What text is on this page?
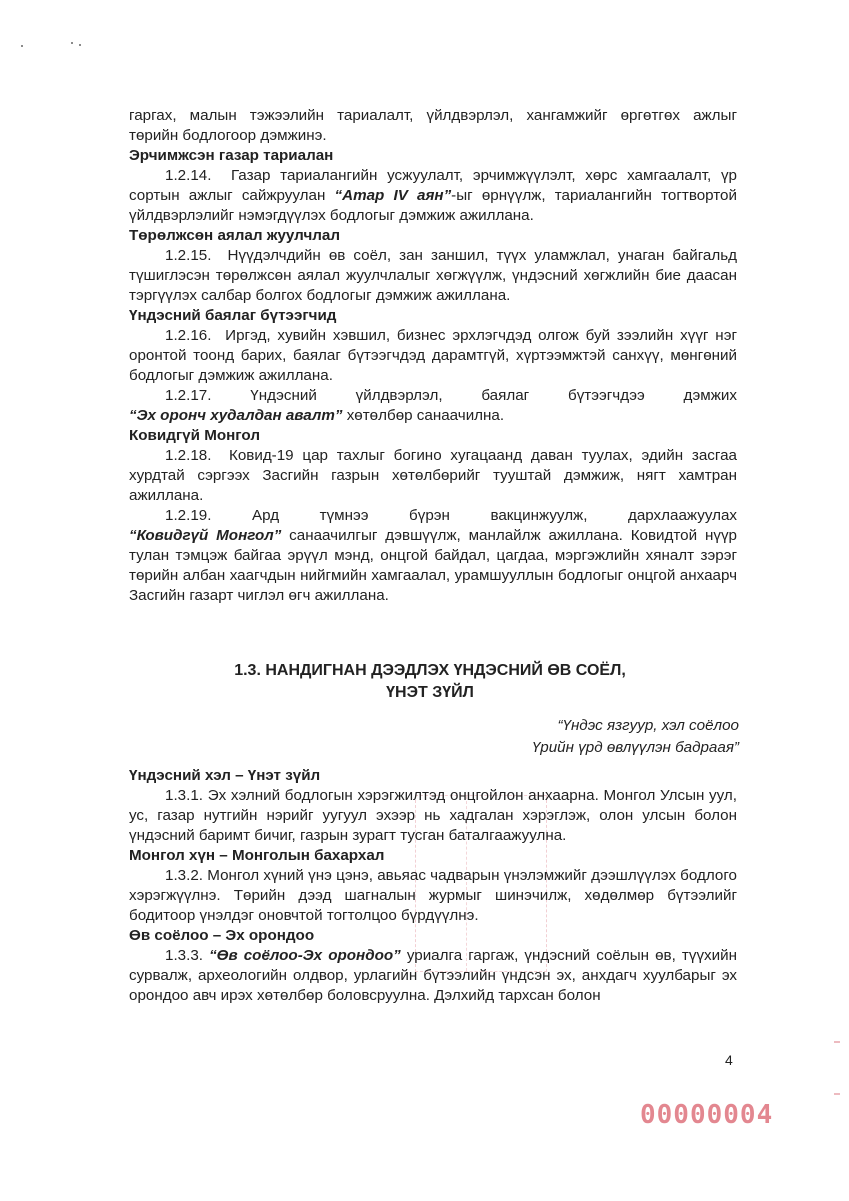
гаргах, малын тэжээлийн тариалалт, үйлдвэрлэл, хангамжийг өргөтгөх ажлыг
төрийн бодлогоор дэмжинэ.
Эрчимжсэн газар тариалан
1.2.14. Газар тариалангийн усжуулалт, эрчимжүүлэлт, хөрс хамгаалалт, үр сортын ажлыг сайжруулан “Атар IV аян”-ыг өрнүүлж, тариалангийн тогтвортой үйлдвэрлэлийг нэмэгдүүлэх бодлогыг дэмжиж ажиллана.
Төрөлжсөн аялал жуулчлал
1.2.15. Нүүдэлчдийн өв соёл, зан заншил, түүх уламжлал, унаган байгальд түшиглэсэн төрөлжсөн аялал жуулчлалыг хөгжүүлж, үндэсний хөгжлийн бие даасан тэргүүлэх салбар болгох бодлогыг дэмжиж ажиллана.
Үндэсний баялаг бүтээгчид
1.2.16. Иргэд, хувийн хэвшил, бизнес эрхлэгчдэд олгож буй зээлийн хүүг нэг оронтой тоонд барих, баялаг бүтээгчдэд дарамтгүй, хүртээмжтэй санхүү, мөнгөний бодлогыг дэмжиж ажиллана.
1.2.17.	Үндэсний үйлдвэрлэл, баялаг бүтээгчдээ дэмжих
“Эх оронч худалдан авалт” хөтөлбөр санаачилна.
Ковидгүй Монгол
1.2.18. Ковид-19 цар тахлыг богино хугацаанд даван туулах, эдийн засгаа хурдтай сэргээх Засгийн газрын хөтөлбөрийг тууштай дэмжиж, нягт хамтран ажиллана.
1.2.19.	Ард түмнээ бүрэн вакцинжуулж, дархлаажуулах
“Ковидгүй Монгол” санаачилгыг дэвшүүлж, манлайлж ажиллана. Ковидтой нүүр тулан тэмцэж байгаа эрүүл мэнд, онцгой байдал, цагдаа, мэргэжлийн хяналт зэрэг төрийн албан хаагчдын нийгмийн хамгаалал, урамшууллын бодлогыг онцгой анхаарч Засгийн газарт чиглэл өгч ажиллана.
1.3. НАНДИГНАН ДЭЭДЛЭХ ҮНДЭСНИЙ ӨВ СОЁЛ,
ҮНЭТ ЗҮЙЛ
“Үндэс язгуур, хэл соёлоо
Үрийн үрд өвлүүлэн бадраая”
Үндэсний хэл – Үнэт зүйл
1.3.1. Эх хэлний бодлогын хэрэгжилтэд онцгойлон анхаарна. Монгол Улсын уул, ус, газар нутгийн нэрийг уугуул эхээр нь хадгалан хэрэглэж, олон улсын болон үндэсний баримт бичиг, газрын зурагт тусган баталгаажуулна.
Монгол хүн – Монголын бахархал
1.3.2. Монгол хүний үнэ цэнэ, авьяас чадварын үнэлэмжийг дээшлүүлэх бодлого хэрэгжүүлнэ. Төрийн дээд шагналын журмыг шинэчилж, хөдөлмөр бүтээлийг бодитоор үнэлдэг оновчтой тогтолцоо бүрдүүлнэ.
Өв соёлоо – Эх орондоо
1.3.3. “Өв соёлоо-Эх орондоо” уриалга гаргаж, үндэсний соёлын өв, түүхийн сурвалж, археологийн олдвор, урлагийн бүтээлийн үндсэн эх, анхдагч хуулбарыг эх орондоо авч ирэх хөтөлбөр боловсруулна. Дэлхийд тархсан болон
4
00000004
